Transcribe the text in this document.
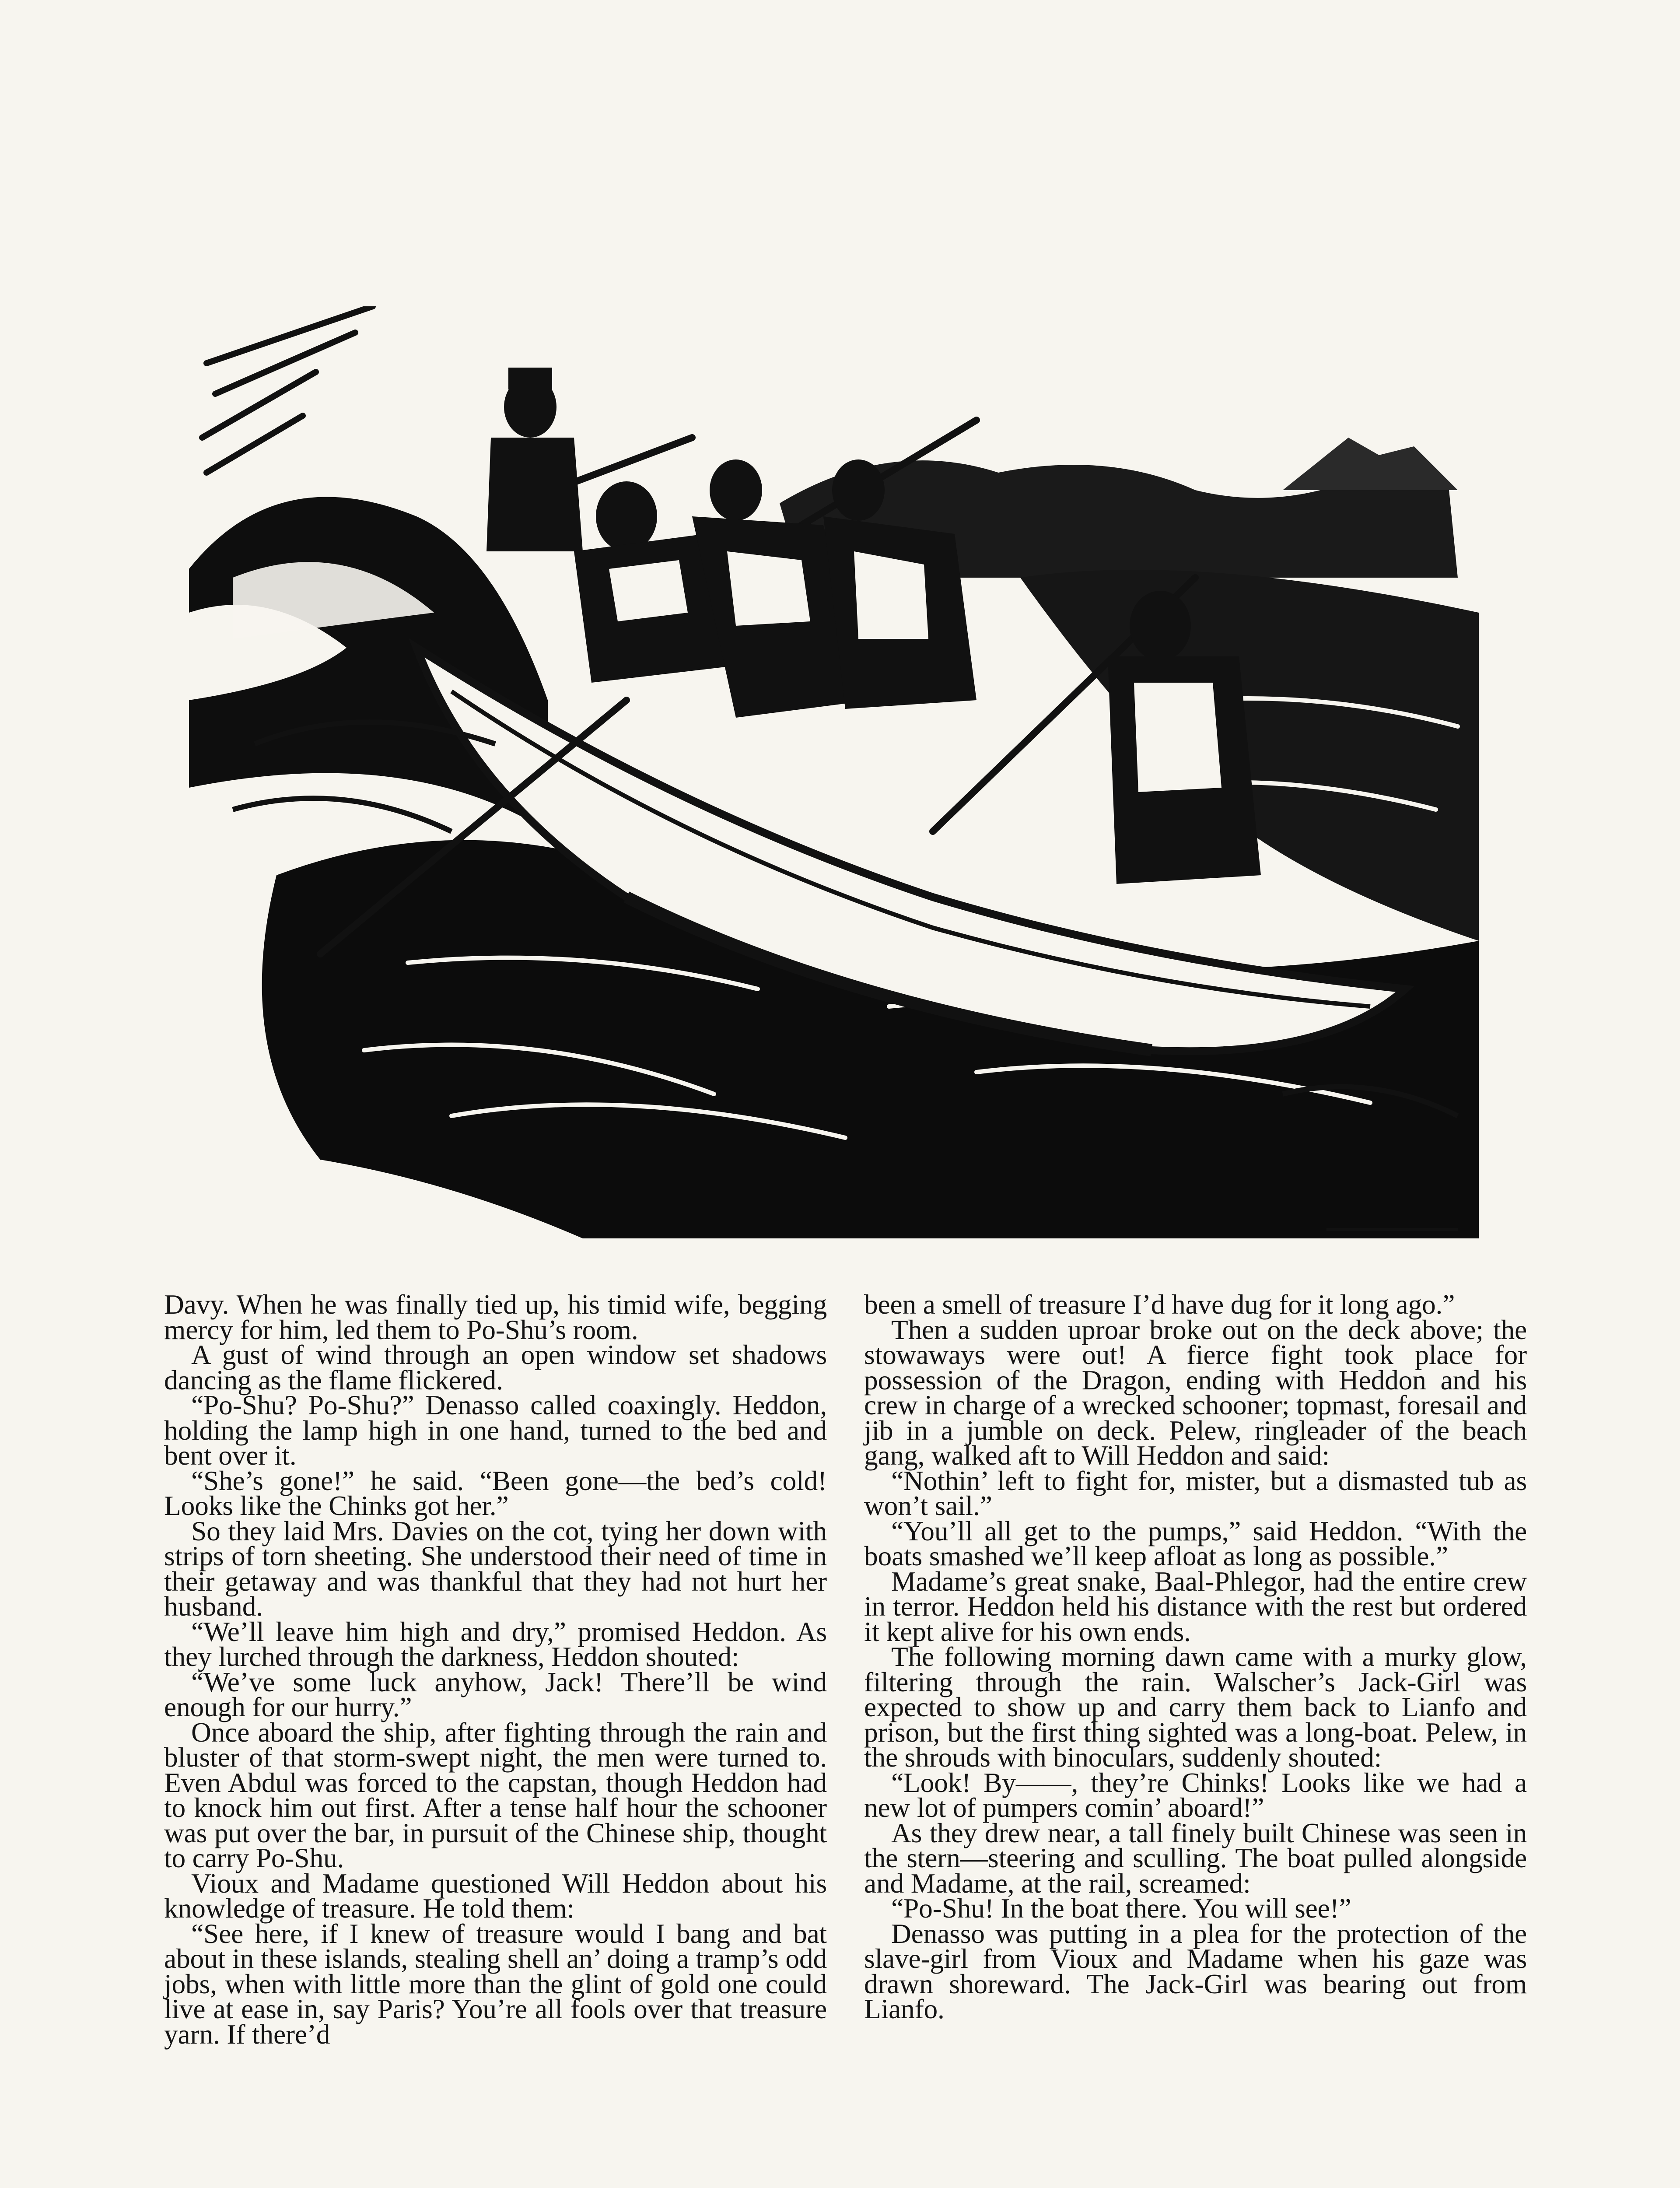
Davy. When he was finally tied up, his timid wife, begging mercy for him, led them to Po-Shu’s room.

A gust of wind through an open window set shadows dancing as the flame flickered.

“Po-Shu? Po-Shu?” Denasso called coaxingly. Heddon, holding the lamp high in one hand, turned to the bed and bent over it.

“She’s gone!” he said. “Been gone—the bed’s cold! Looks like the Chinks got her.”

So they laid Mrs. Davies on the cot, tying her down with strips of torn sheeting. She understood their need of time in their getaway and was thankful that they had not hurt her husband.

“We’ll leave him high and dry,” promised Heddon. As they lurched through the darkness, Heddon shouted:

“We’ve some luck anyhow, Jack! There’ll be wind enough for our hurry.”

Once aboard the ship, after fighting through the rain and bluster of that storm-swept night, the men were turned to. Even Abdul was forced to the capstan, though Heddon had to knock him out first. After a tense half hour the schooner was put over the bar, in pursuit of the Chinese ship, thought to carry Po-Shu.

Vioux and Madame questioned Will Heddon about his knowledge of treasure. He told them:

“See here, if I knew of treasure would I bang and bat about in these islands, stealing shell an’ doing a tramp’s odd jobs, when with little more than the glint of gold one could live at ease in, say Paris? You’re all fools over that treasure yarn. If there’d

been a smell of treasure I’d have dug for it long ago.”

Then a sudden uproar broke out on the deck above; the stowaways were out! A fierce fight took place for possession of the Dragon, ending with Heddon and his crew in charge of a wrecked schooner; topmast, foresail and jib in a jumble on deck. Pelew, ringleader of the beach gang, walked aft to Will Heddon and said:

“Nothin’ left to fight for, mister, but a dismasted tub as won’t sail.”

“You’ll all get to the pumps,” said Heddon. “With the boats smashed we’ll keep afloat as long as possible.”

Madame’s great snake, Baal-Phlegor, had the entire crew in terror. Heddon held his distance with the rest but ordered it kept alive for his own ends.

The following morning dawn came with a murky glow, filtering through the rain. Walscher’s Jack-Girl was expected to show up and carry them back to Lianfo and prison, but the first thing sighted was a long-boat. Pelew, in the shrouds with binoculars, suddenly shouted:

“Look! By——, they’re Chinks! Looks like we had a new lot of pumpers comin’ aboard!”

As they drew near, a tall finely built Chinese was seen in the stern—steering and sculling. The boat pulled alongside and Madame, at the rail, screamed:

“Po-Shu! In the boat there. You will see!”

Denasso was putting in a plea for the protection of the slave-girl from Vioux and Madame when his gaze was drawn shoreward. The Jack-Girl was bearing out from Lianfo.
